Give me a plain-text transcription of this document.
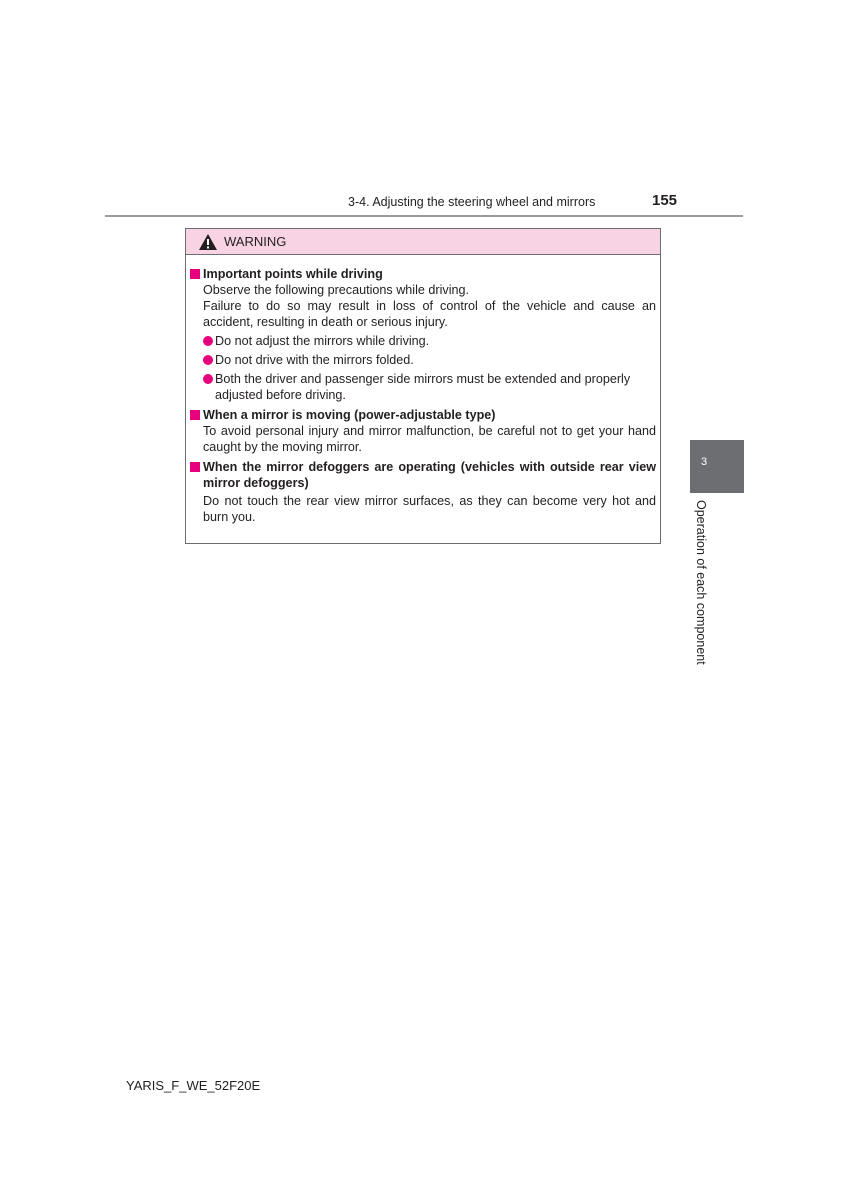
3-4. Adjusting the steering wheel and mirrors	155
WARNING
Important points while driving
Observe the following precautions while driving.
Failure to do so may result in loss of control of the vehicle and cause an accident, resulting in death or serious injury.
Do not adjust the mirrors while driving.
Do not drive with the mirrors folded.
Both the driver and passenger side mirrors must be extended and properly adjusted before driving.
When a mirror is moving (power-adjustable type)
To avoid personal injury and mirror malfunction, be careful not to get your hand caught by the moving mirror.
When the mirror defoggers are operating (vehicles with outside rear view mirror defoggers)
Do not touch the rear view mirror surfaces, as they can become very hot and burn you.
3
Operation of each component
YARIS_F_WE_52F20E
